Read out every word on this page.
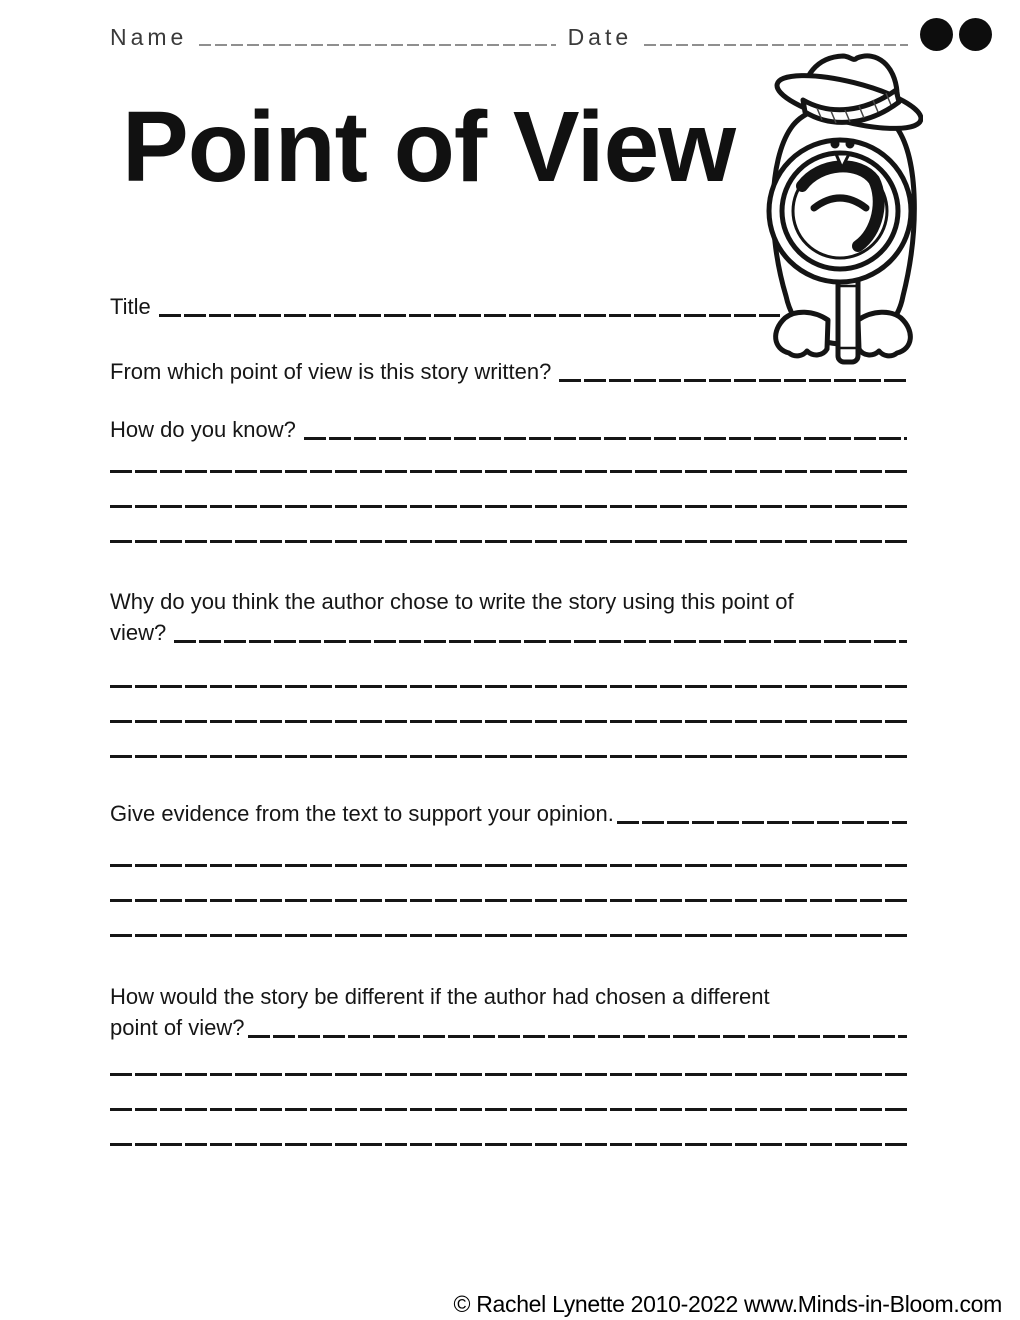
Name	Date
Point of View
Title
From which point of view is this story written?
How do you know?
Why do you think the author chose to write the story using this point of
view?
Give evidence from the text to support your opinion.
How would the story be different if the author had chosen a different
point of view?
© Rachel Lynette 2010-2022 www.Minds-in-Bloom.com
